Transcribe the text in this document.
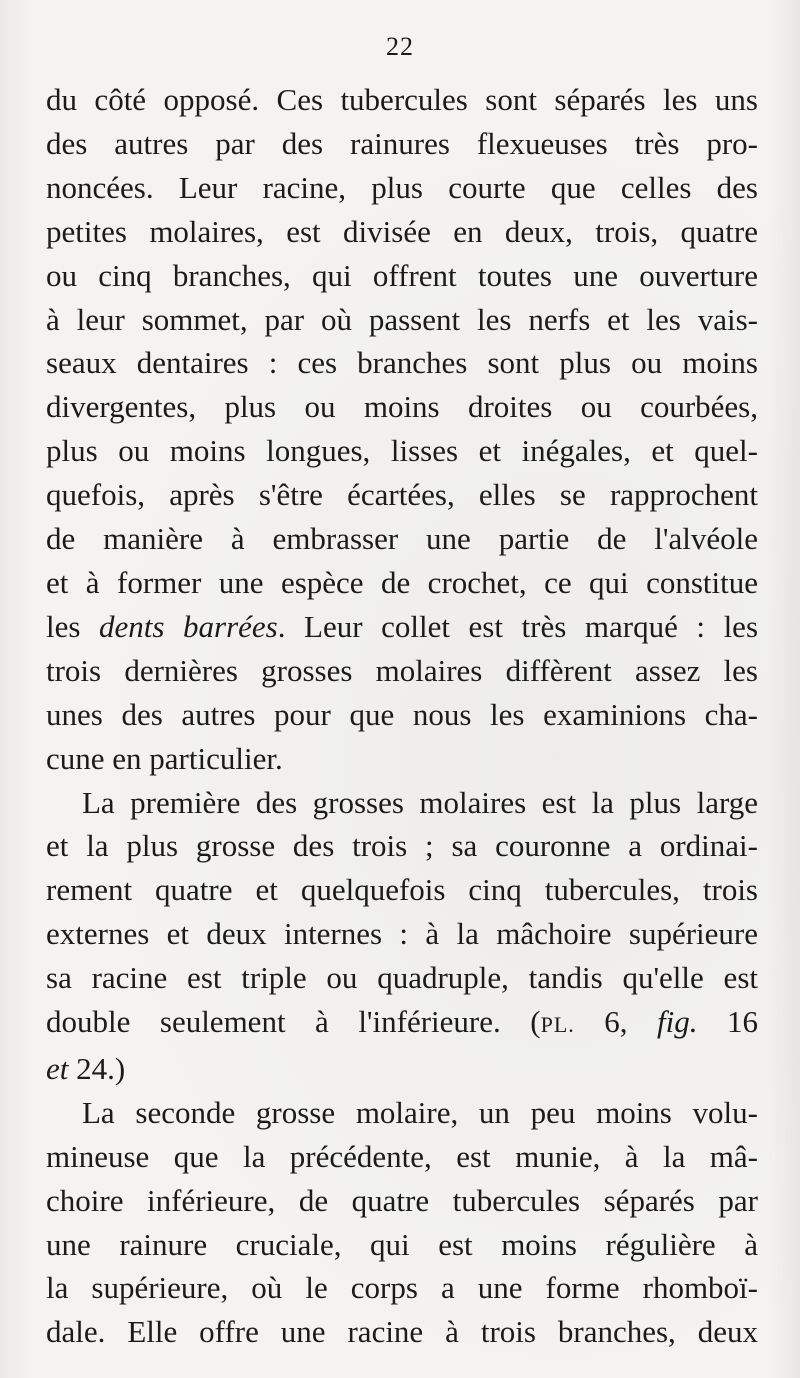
22
du côté opposé. Ces tubercules sont séparés les uns
des autres par des rainures flexueuses très pro-
noncées. Leur racine, plus courte que celles des
petites molaires, est divisée en deux, trois, quatre
ou cinq branches, qui offrent toutes une ouverture
à leur sommet, par où passent les nerfs et les vais-
seaux dentaires : ces branches sont plus ou moins
divergentes, plus ou moins droites ou courbées,
plus ou moins longues, lisses et inégales, et quel-
quefois, après s'être écartées, elles se rapprochent
de manière à embrasser une partie de l'alvéole
et à former une espèce de crochet, ce qui constitue
les dents barrées. Leur collet est très marqué : les
trois dernières grosses molaires diffèrent assez les
unes des autres pour que nous les examinions cha-
cune en particulier.
La première des grosses molaires est la plus large
et la plus grosse des trois ; sa couronne a ordinai-
rement quatre et quelquefois cinq tubercules, trois
externes et deux internes : à la mâchoire supérieure
sa racine est triple ou quadruple, tandis qu'elle est
double seulement à l'inférieure. (PL. 6, fig. 16
et 24.)
La seconde grosse molaire, un peu moins volu-
mineuse que la précédente, est munie, à la mâ-
choire inférieure, de quatre tubercules séparés par
une rainure cruciale, qui est moins régulière à
la supérieure, où le corps a une forme rhomboï-
dale. Elle offre une racine à trois branches, deux
